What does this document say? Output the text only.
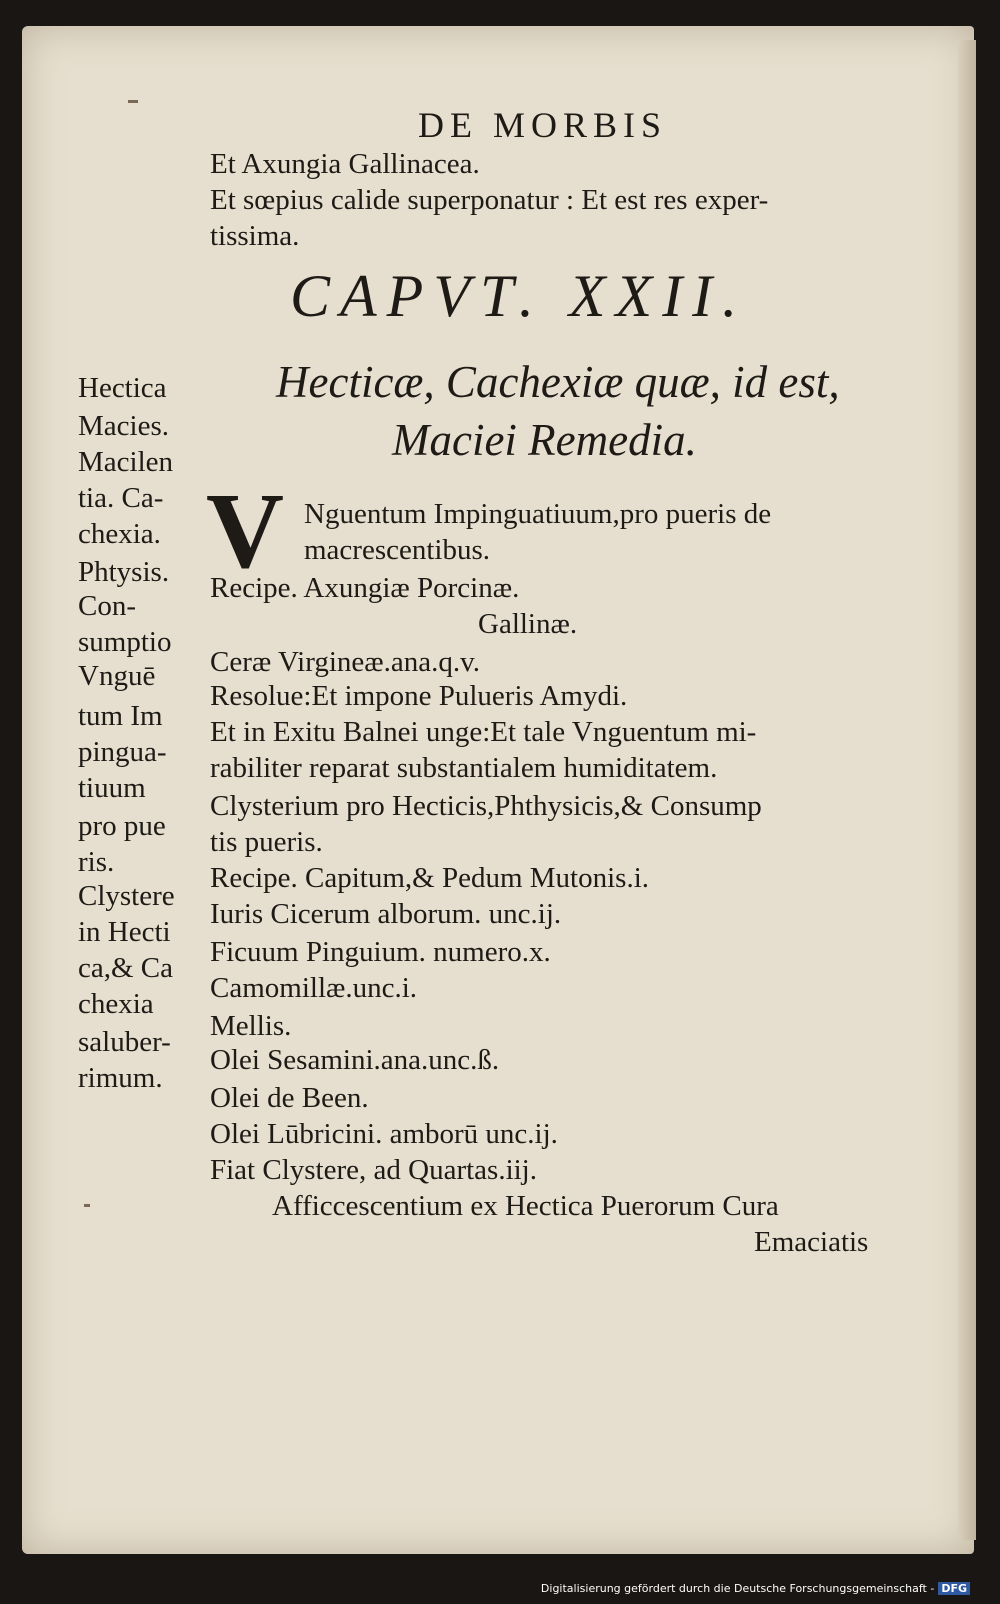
DE MORBIS
Et Axungia Gallinacea.
Et sœpius calide superponatur : Et est res exper-
tissima.
CAPVT. XXII.
Hecticæ, Cachexiæ quæ, id est,
Maciei Remedia.
V Nguentum Impinguatiuum,pro pueris de
macrescentibus.
Recipe. Axungiæ Porcinæ.
Gallinæ.
Ceræ Virgineæ.ana.q.v.
Resolue:Et impone Pulueris Amydi.
Et in Exitu Balnei unge:Et tale Vnguentum mi-
rabiliter reparat substantialem humiditatem.
Clysterium pro Hecticis,Phthysicis,& Consump
tis pueris.
Recipe. Capitum,& Pedum Mutonis.i.
Iuris Cicerum alborum. unc.ij.
Ficuum Pinguium. numero.x.
Camomillæ.unc.i.
Mellis.
Olei Sesamini.ana.unc.ß.
Olei de Been.
Olei Lūbricini. amborū unc.ij.
Fiat Clystere, ad Quartas.iij.
Afficcescentium ex Hectica Puerorum Cura
Emaciatis
Hectica
Macies.
Macilen
tia. Ca-
chexia.
Phtysis.
Con-
sumptio
Vnguē
tum Im
pingua-
tiuum
pro pue
ris.
Clystere
in Hecti
ca,& Ca
chexia
saluber-
rimum.
Digitalisierung gefördert durch die Deutsche Forschungsgemeinschaft - DFG
